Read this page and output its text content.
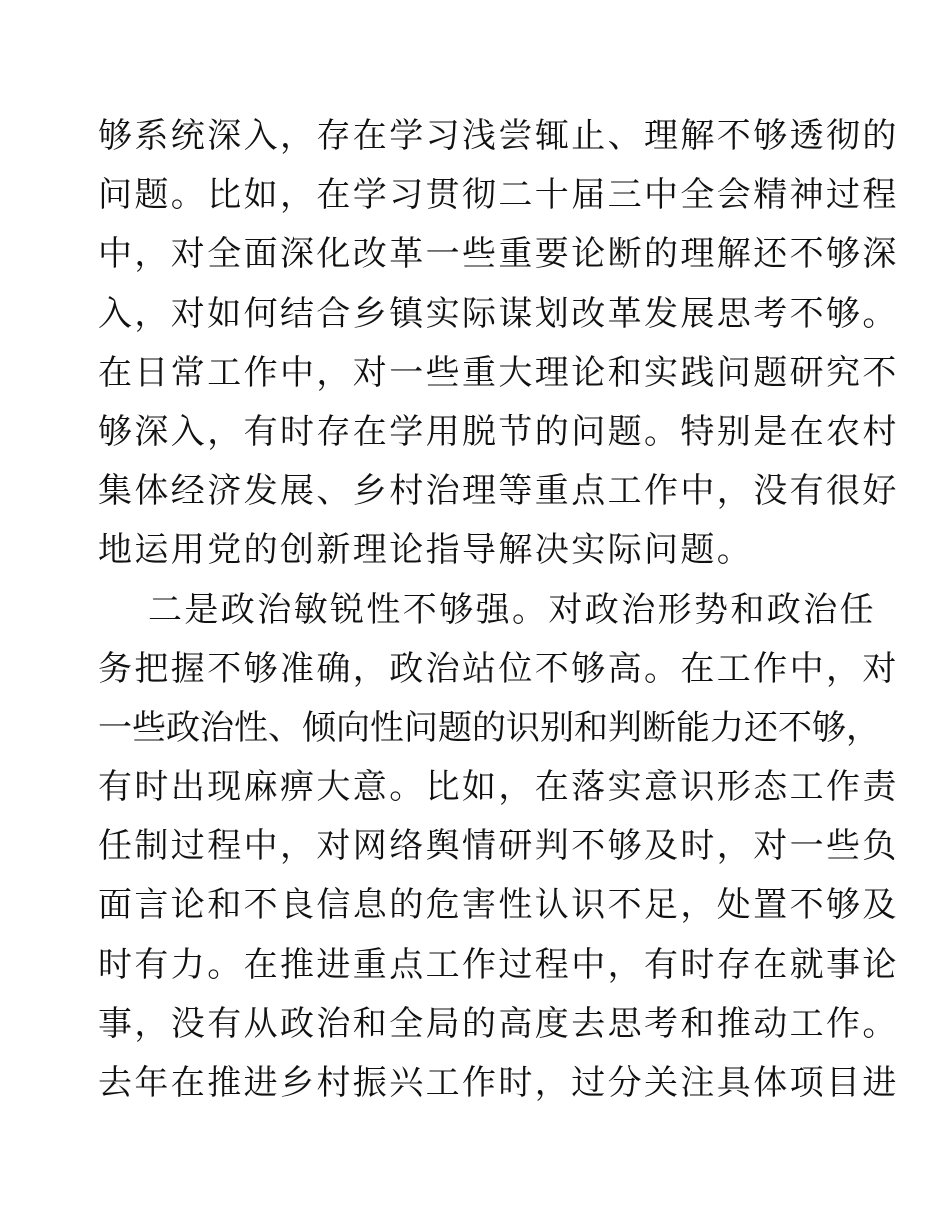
够系统深入，存在学习浅尝辄止、理解不够透彻的
问题。比如，在学习贯彻二十届三中全会精神过程
中，对全面深化改革一些重要论断的理解还不够深
入，对如何结合乡镇实际谋划改革发展思考不够。
在日常工作中，对一些重大理论和实践问题研究不
够深入，有时存在学用脱节的问题。特别是在农村
集体经济发展、乡村治理等重点工作中，没有很好
地运用党的创新理论指导解决实际问题。
二是政治敏锐性不够强。对政治形势和政治任
务把握不够准确，政治站位不够高。在工作中，对
一些政治性、倾向性问题的识别和判断能力还不够，
有时出现麻痹大意。比如，在落实意识形态工作责
任制过程中，对网络舆情研判不够及时，对一些负
面言论和不良信息的危害性认识不足，处置不够及
时有力。在推进重点工作过程中，有时存在就事论
事，没有从政治和全局的高度去思考和推动工作。
去年在推进乡村振兴工作时，过分关注具体项目进
